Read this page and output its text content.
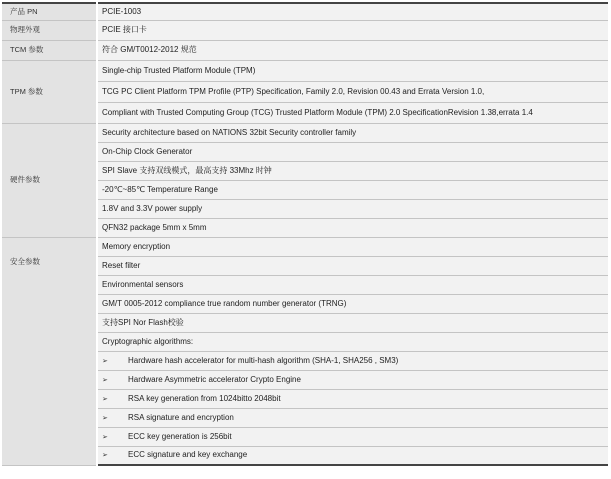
产品 PN	PCIE-1003
物理外观	PCIE 接口卡
TCM 参数	符合 GM/T0012-2012 规范
TPM 参数	Single-chip Trusted Platform Module (TPM)
	TCG PC Client Platform TPM Profile (PTP) Specification, Family 2.0, Revision 00.43 and Errata Version 1.0,
	Compliant with Trusted Computing Group (TCG) Trusted Platform Module (TPM) 2.0 SpecificationRevision 1.38,errata 1.4
硬件参数	Security architecture based on NATIONS 32bit Security controller family
	On-Chip Clock Generator
	SPI Slave 支持双线模式，最高支持 33Mhz 时钟
	-20℃~85℃ Temperature Range
	1.8V and 3.3V power supply
	QFN32 package 5mm x 5mm
安全参数	Memory encryption
	Reset filter
	Environmental sensors
	GM/T 0005-2012 compliance true random number generator (TRNG)
	支持SPI Nor Flash校验
	Cryptographic algorithms:
	➢ Hardware hash accelerator for multi-hash algorithm (SHA-1, SHA256 , SM3)
	➢ Hardware Asymmetric accelerator Crypto Engine
	➢ RSA key generation from 1024bitto 2048bit
	➢ RSA signature and encryption
	➢ ECC key generation is 256bit
	➢ ECC signature and key exchange
